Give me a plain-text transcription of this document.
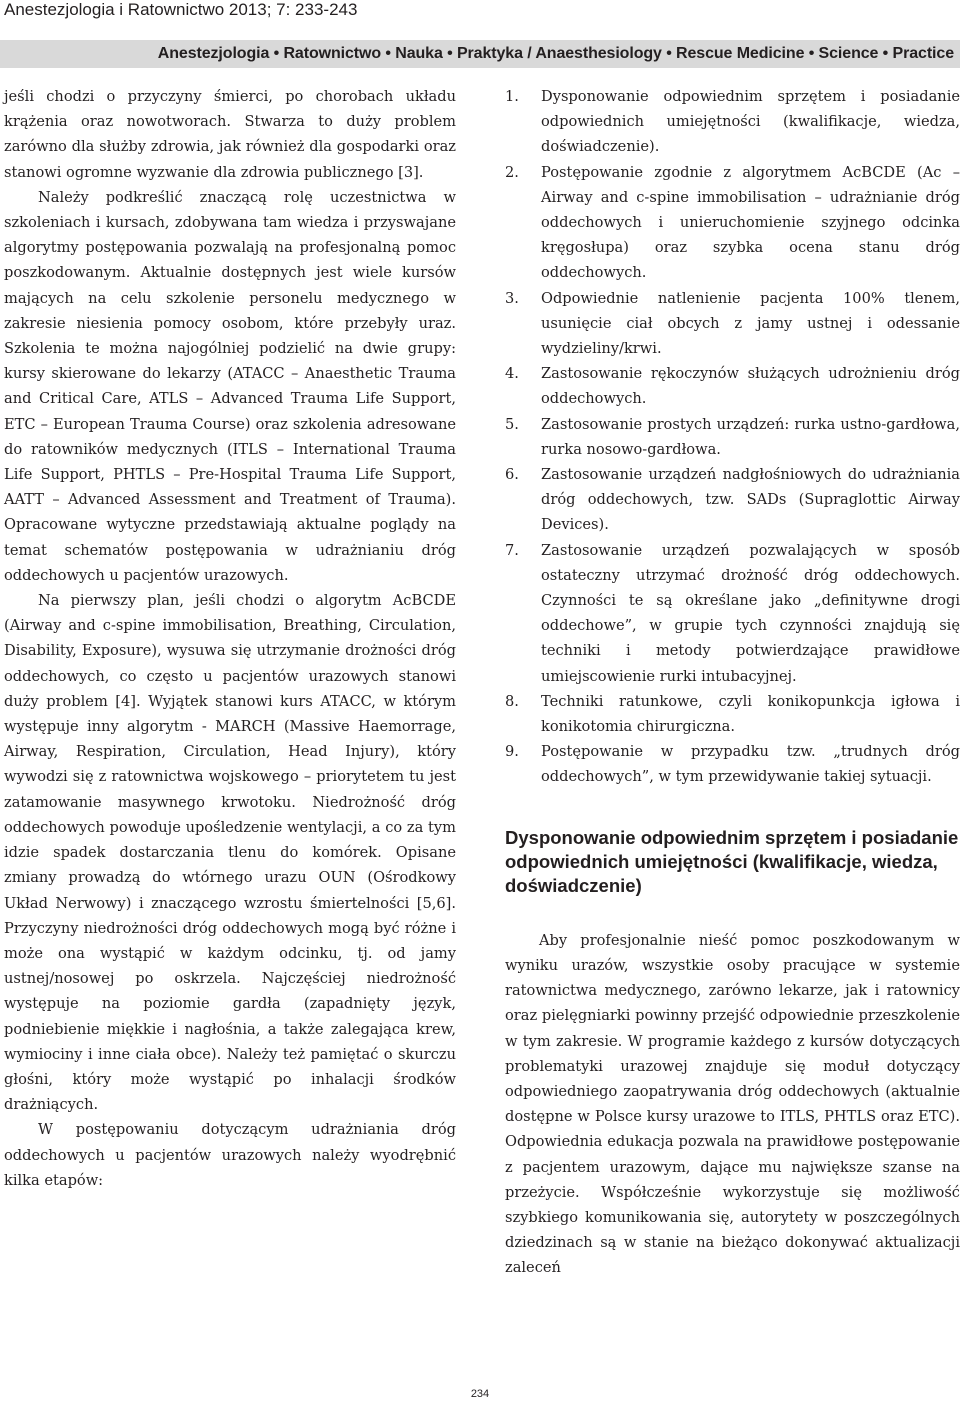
Anestezjologia i Ratownictwo 2013; 7: 233-243
Anestezjologia • Ratownictwo • Nauka • Praktyka / Anaesthesiology • Rescue Medicine • Science • Practice

jeśli chodzi o przyczyny śmierci, po chorobach układu krążenia oraz nowotworach. Stwarza to duży problem zarówno dla służby zdrowia, jak również dla gospodarki oraz stanowi ogromne wyzwanie dla zdrowia publicznego [3].

Należy podkreślić znaczącą rolę uczestnictwa w szkoleniach i kursach, zdobywana tam wiedza i przyswajane algorytmy postępowania pozwalają na profesjonalną pomoc poszkodowanym. Aktualnie dostępnych jest wiele kursów mających na celu szkolenie personelu medycznego w zakresie niesienia pomocy osobom, które przebyły uraz. Szkolenia te można najogólniej podzielić na dwie grupy: kursy skierowane do lekarzy (ATACC – Anaesthetic Trauma and Critical Care, ATLS – Advanced Trauma Life Support, ETC – European Trauma Course) oraz szkolenia adresowane do ratowników medycznych (ITLS – International Trauma Life Support, PHTLS – Pre-Hospital Trauma Life Support, AATT – Advanced Assessment and Treatment of Trauma). Opracowane wytyczne przedstawiają aktualne poglądy na temat schematów postępowania w udrażnianiu dróg oddechowych u pacjentów urazowych.

Na pierwszy plan, jeśli chodzi o algorytm AcBCDE (Airway and c-spine immobilisation, Breathing, Circulation, Disability, Exposure), wysuwa się utrzymanie drożności dróg oddechowych, co często u pacjentów urazowych stanowi duży problem [4]. Wyjątek stanowi kurs ATACC, w którym występuje inny algorytm - MARCH (Massive Haemorrage, Airway, Respiration, Circulation, Head Injury), który wywodzi się z ratownictwa wojskowego – priorytetem tu jest zatamowanie masywnego krwotoku. Niedrożność dróg oddechowych powoduje upośledzenie wentylacji, a co za tym idzie spadek dostarczania tlenu do komórek. Opisane zmiany prowadzą do wtórnego urazu OUN (Ośrodkowy Układ Nerwowy) i znaczącego wzrostu śmiertelności [5,6]. Przyczyny niedrożności dróg oddechowych mogą być różne i może ona wystąpić w każdym odcinku, tj. od jamy ustnej/nosowej po oskrzela. Najczęściej niedrożność występuje na poziomie gardła (zapadnięty język, podniebienie miękkie i nagłośnia, a także zalegająca krew, wymiociny i inne ciała obce). Należy też pamiętać o skurczu głośni, który może wystąpić po inhalacji środków drażniących.

W postępowaniu dotyczącym udrażniania dróg oddechowych u pacjentów urazowych należy wyodrębnić kilka etapów:

1. Dysponowanie odpowiednim sprzętem i posiadanie odpowiednich umiejętności (kwalifikacje, wiedza, doświadczenie).
2. Postępowanie zgodnie z algorytmem AcBCDE (Ac – Airway and c-spine immobilisation – udrażnianie dróg oddechowych i unieruchomienie szyjnego odcinka kręgosłupa) oraz szybka ocena stanu dróg oddechowych.
3. Odpowiednie natlenienie pacjenta 100% tlenem, usunięcie ciał obcych z jamy ustnej i odessanie wydzieliny/krwi.
4. Zastosowanie rękoczynów służących udrożnieniu dróg oddechowych.
5. Zastosowanie prostych urządzeń: rurka ustno-gardłowa, rurka nosowo-gardłowa.
6. Zastosowanie urządzeń nadgłośniowych do udrażniania dróg oddechowych, tzw. SADs (Supraglottic Airway Devices).
7. Zastosowanie urządzeń pozwalających w sposób ostateczny utrzymać drożność dróg oddechowych. Czynności te są określane jako „definitywne drogi oddechowe”, w grupie tych czynności znajdują się techniki i metody potwierdzające prawidłowe umiejscowienie rurki intubacyjnej.
8. Techniki ratunkowe, czyli konikopunkcja igłowa i konikotomia chirurgiczna.
9. Postępowanie w przypadku tzw. „trudnych dróg oddechowych”, w tym przewidywanie takiej sytuacji.
Dysponowanie odpowiednim sprzętem i posiadanie odpowiednich umiejętności (kwalifikacje, wiedza, doświadczenie)

Aby profesjonalnie nieść pomoc poszkodowanym w wyniku urazów, wszystkie osoby pracujące w systemie ratownictwa medycznego, zarówno lekarze, jak i ratownicy oraz pielęgniarki powinny przejść odpowiednie przeszkolenie w tym zakresie. W programie każdego z kursów dotyczących problematyki urazowej znajduje się moduł dotyczący odpowiedniego zaopatrywania dróg oddechowych (aktualnie dostępne w Polsce kursy urazowe to ITLS, PHTLS oraz ETC). Odpowiednia edukacja pozwala na prawidłowe postępowanie z pacjentem urazowym, dające mu największe szanse na przeżycie. Współcześnie wykorzystuje się możliwość szybkiego komunikowania się, autorytety w poszczególnych dziedzinach są w stanie na bieżąco dokonywać aktualizacji zaleceń

234
